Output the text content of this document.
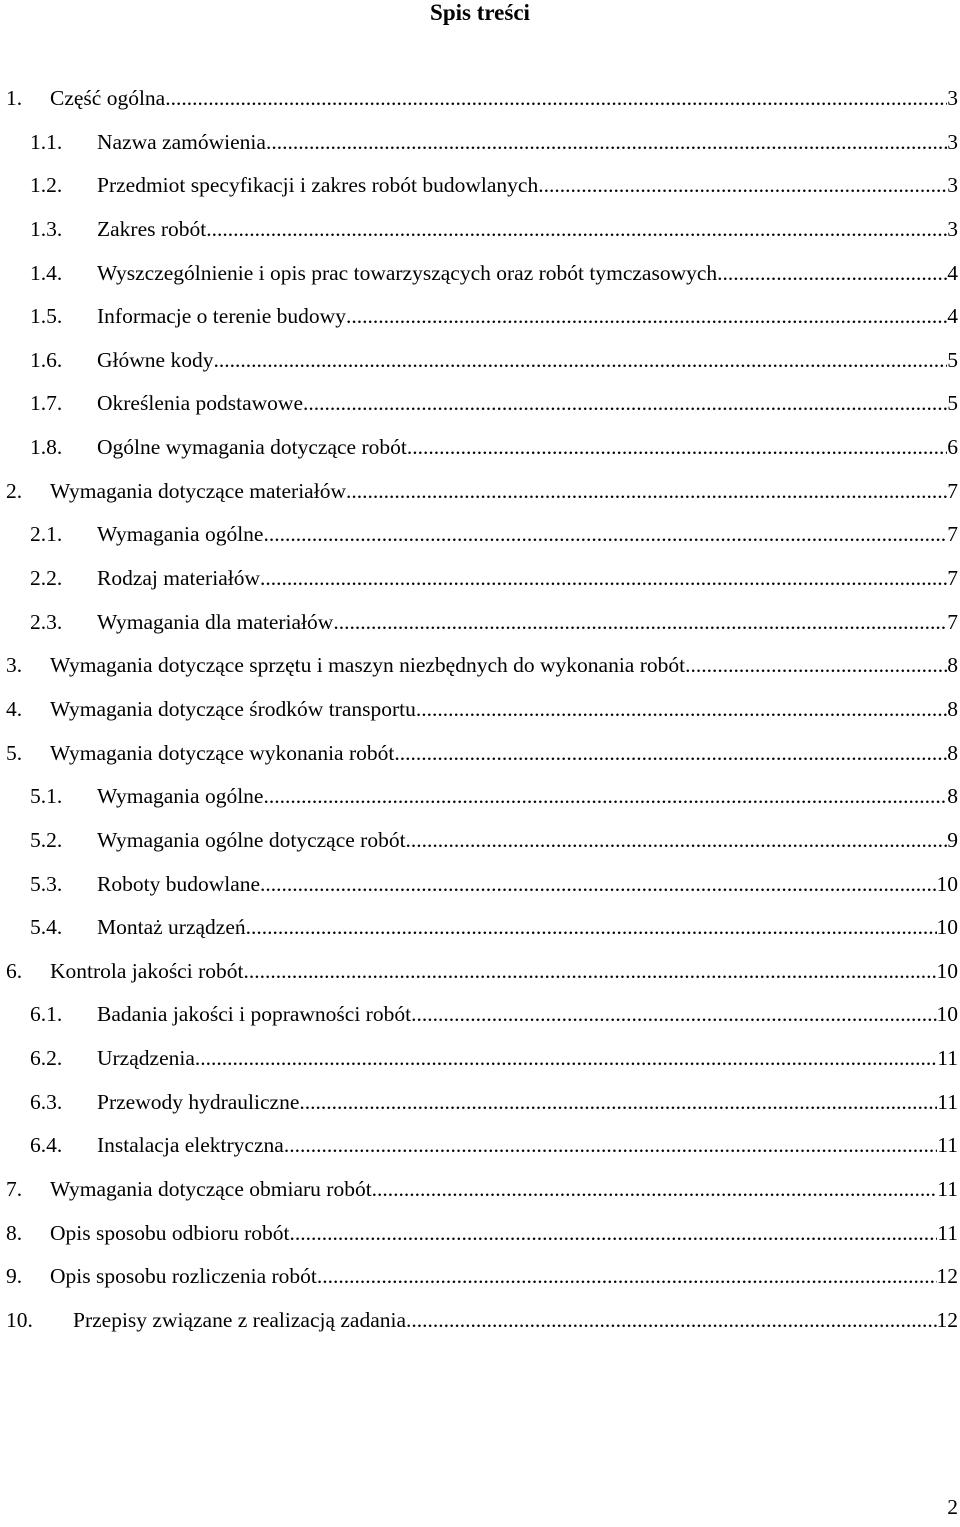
Spis treści
1. Część ogólna .....	3
1.1. Nazwa zamówienia .....	3
1.2. Przedmiot specyfikacji i zakres robót budowlanych .....	3
1.3. Zakres robót .....	3
1.4. Wyszczególnienie i opis prac towarzyszących oraz robót tymczasowych. .....	4
1.5. Informacje o terenie budowy .....	4
1.6. Główne kody .....	5
1.7. Określenia podstawowe .....	5
1.8. Ogólne wymagania dotyczące robót .....	6
2. Wymagania dotyczące materiałów .....	7
2.1. Wymagania ogólne .....	7
2.2. Rodzaj materiałów .....	7
2.3. Wymagania dla materiałów .....	7
3. Wymagania dotyczące sprzętu i maszyn niezbędnych do wykonania robót .....	8
4. Wymagania dotyczące środków transportu .....	8
5. Wymagania dotyczące wykonania robót .....	8
5.1. Wymagania ogólne .....	8
5.2. Wymagania ogólne dotyczące robót .....	9
5.3. Roboty budowlane .....	10
5.4. Montaż urządzeń .....	10
6. Kontrola jakości robót .....	10
6.1. Badania jakości i poprawności robót .....	10
6.2. Urządzenia .....	11
6.3. Przewody hydrauliczne .....	11
6.4. Instalacja elektryczna .....	11
7. Wymagania dotyczące obmiaru robót .....	11
8. Opis sposobu odbioru robót .....	11
9. Opis sposobu rozliczenia robót .....	12
10. Przepisy związane z realizacją zadania .....	12
2
